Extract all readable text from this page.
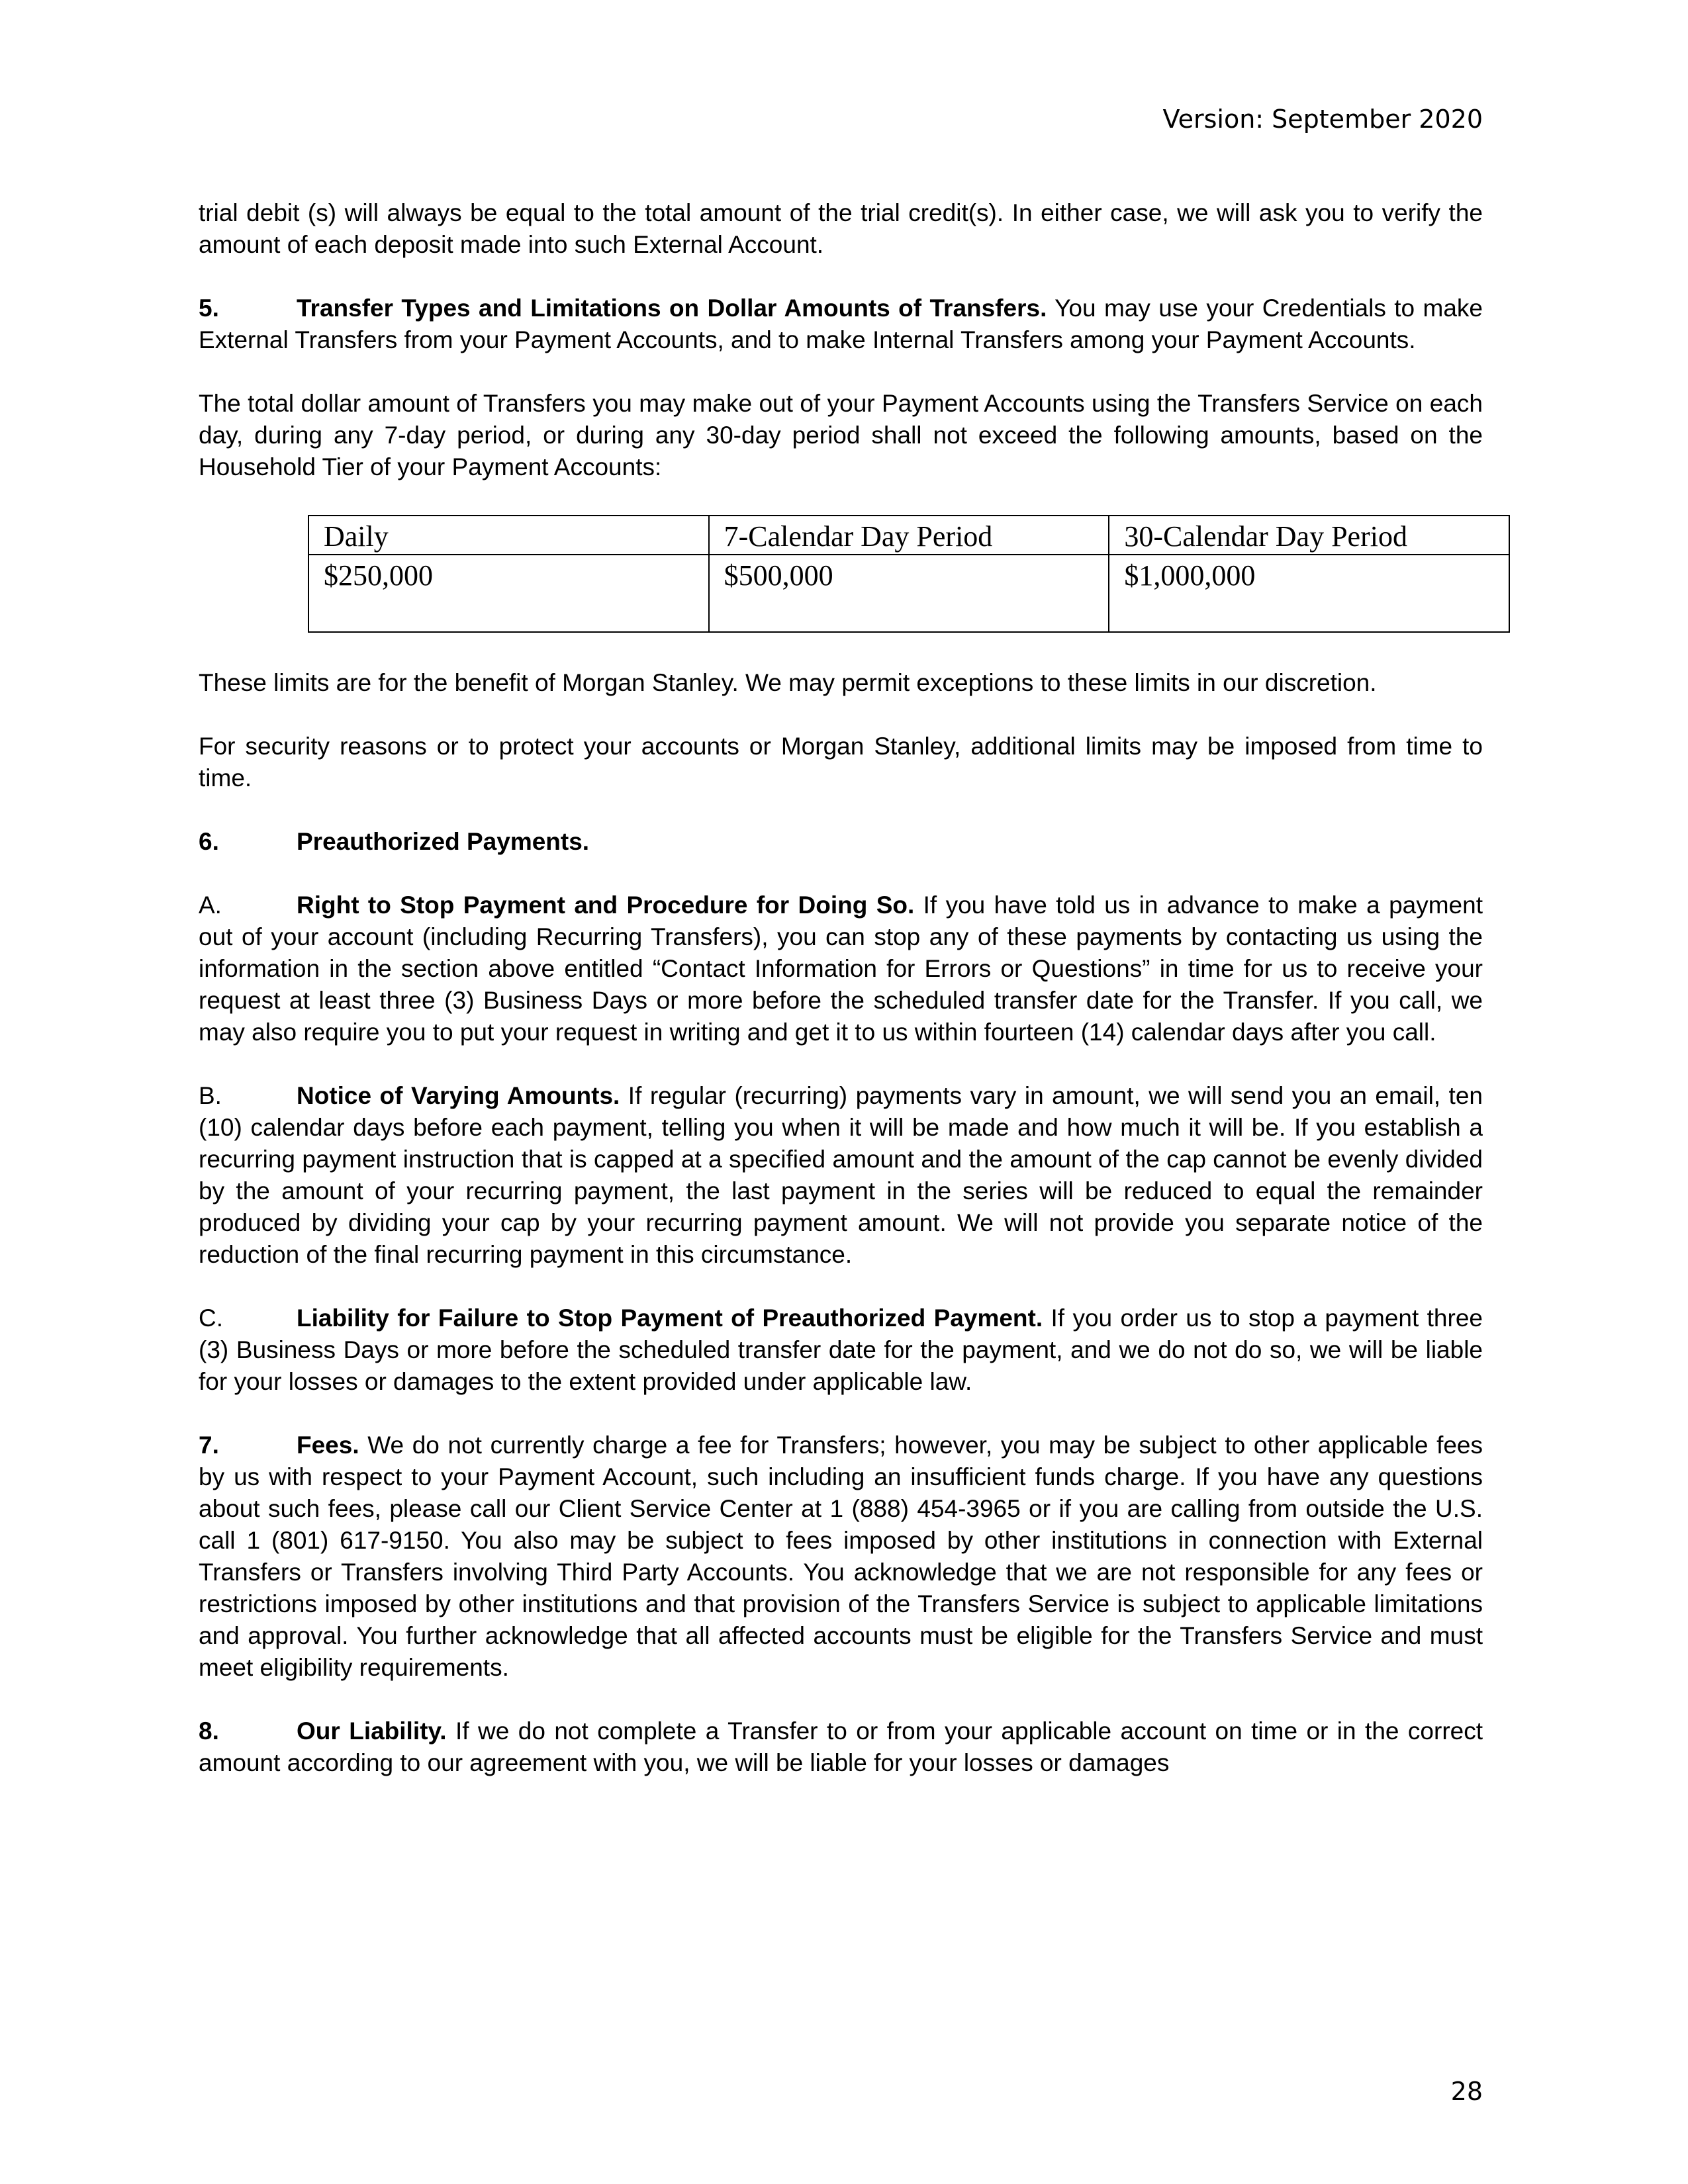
Version: September 2020

trial debit (s) will always be equal to the total amount of the trial credit(s). In either case, we will ask you to verify the amount of each deposit made into such External Account.

5.	Transfer Types and Limitations on Dollar Amounts of Transfers. You may use your Credentials to make External Transfers from your Payment Accounts, and to make Internal Transfers among your Payment Accounts.

The total dollar amount of Transfers you may make out of your Payment Accounts using the Transfers Service on each day, during any 7-day period, or during any 30-day period shall not exceed the following amounts, based on the Household Tier of your Payment Accounts:

Daily	7-Calendar Day Period	30-Calendar Day Period
$250,000	$500,000	$1,000,000

These limits are for the benefit of Morgan Stanley. We may permit exceptions to these limits in our discretion.

For security reasons or to protect your accounts or Morgan Stanley, additional limits may be imposed from time to time.

6.	Preauthorized Payments.

A.	Right to Stop Payment and Procedure for Doing So. If you have told us in advance to make a payment out of your account (including Recurring Transfers), you can stop any of these payments by contacting us using the information in the section above entitled “Contact Information for Errors or Questions” in time for us to receive your request at least three (3) Business Days or more before the scheduled transfer date for the Transfer. If you call, we may also require you to put your request in writing and get it to us within fourteen (14) calendar days after you call.

B.	Notice of Varying Amounts. If regular (recurring) payments vary in amount, we will send you an email, ten (10) calendar days before each payment, telling you when it will be made and how much it will be. If you establish a recurring payment instruction that is capped at a specified amount and the amount of the cap cannot be evenly divided by the amount of your recurring payment, the last payment in the series will be reduced to equal the remainder produced by dividing your cap by your recurring payment amount. We will not provide you separate notice of the reduction of the final recurring payment in this circumstance.

C.	Liability for Failure to Stop Payment of Preauthorized Payment. If you order us to stop a payment three (3) Business Days or more before the scheduled transfer date for the payment, and we do not do so, we will be liable for your losses or damages to the extent provided under applicable law.

7.	Fees. We do not currently charge a fee for Transfers; however, you may be subject to other applicable fees by us with respect to your Payment Account, such including an insufficient funds charge. If you have any questions about such fees, please call our Client Service Center at 1 (888) 454-3965 or if you are calling from outside the U.S. call 1 (801) 617-9150. You also may be subject to fees imposed by other institutions in connection with External Transfers or Transfers involving Third Party Accounts. You acknowledge that we are not responsible for any fees or restrictions imposed by other institutions and that provision of the Transfers Service is subject to applicable limitations and approval. You further acknowledge that all affected accounts must be eligible for the Transfers Service and must meet eligibility requirements.

8.	Our Liability. If we do not complete a Transfer to or from your applicable account on time or in the correct amount according to our agreement with you, we will be liable for your losses or damages

28
